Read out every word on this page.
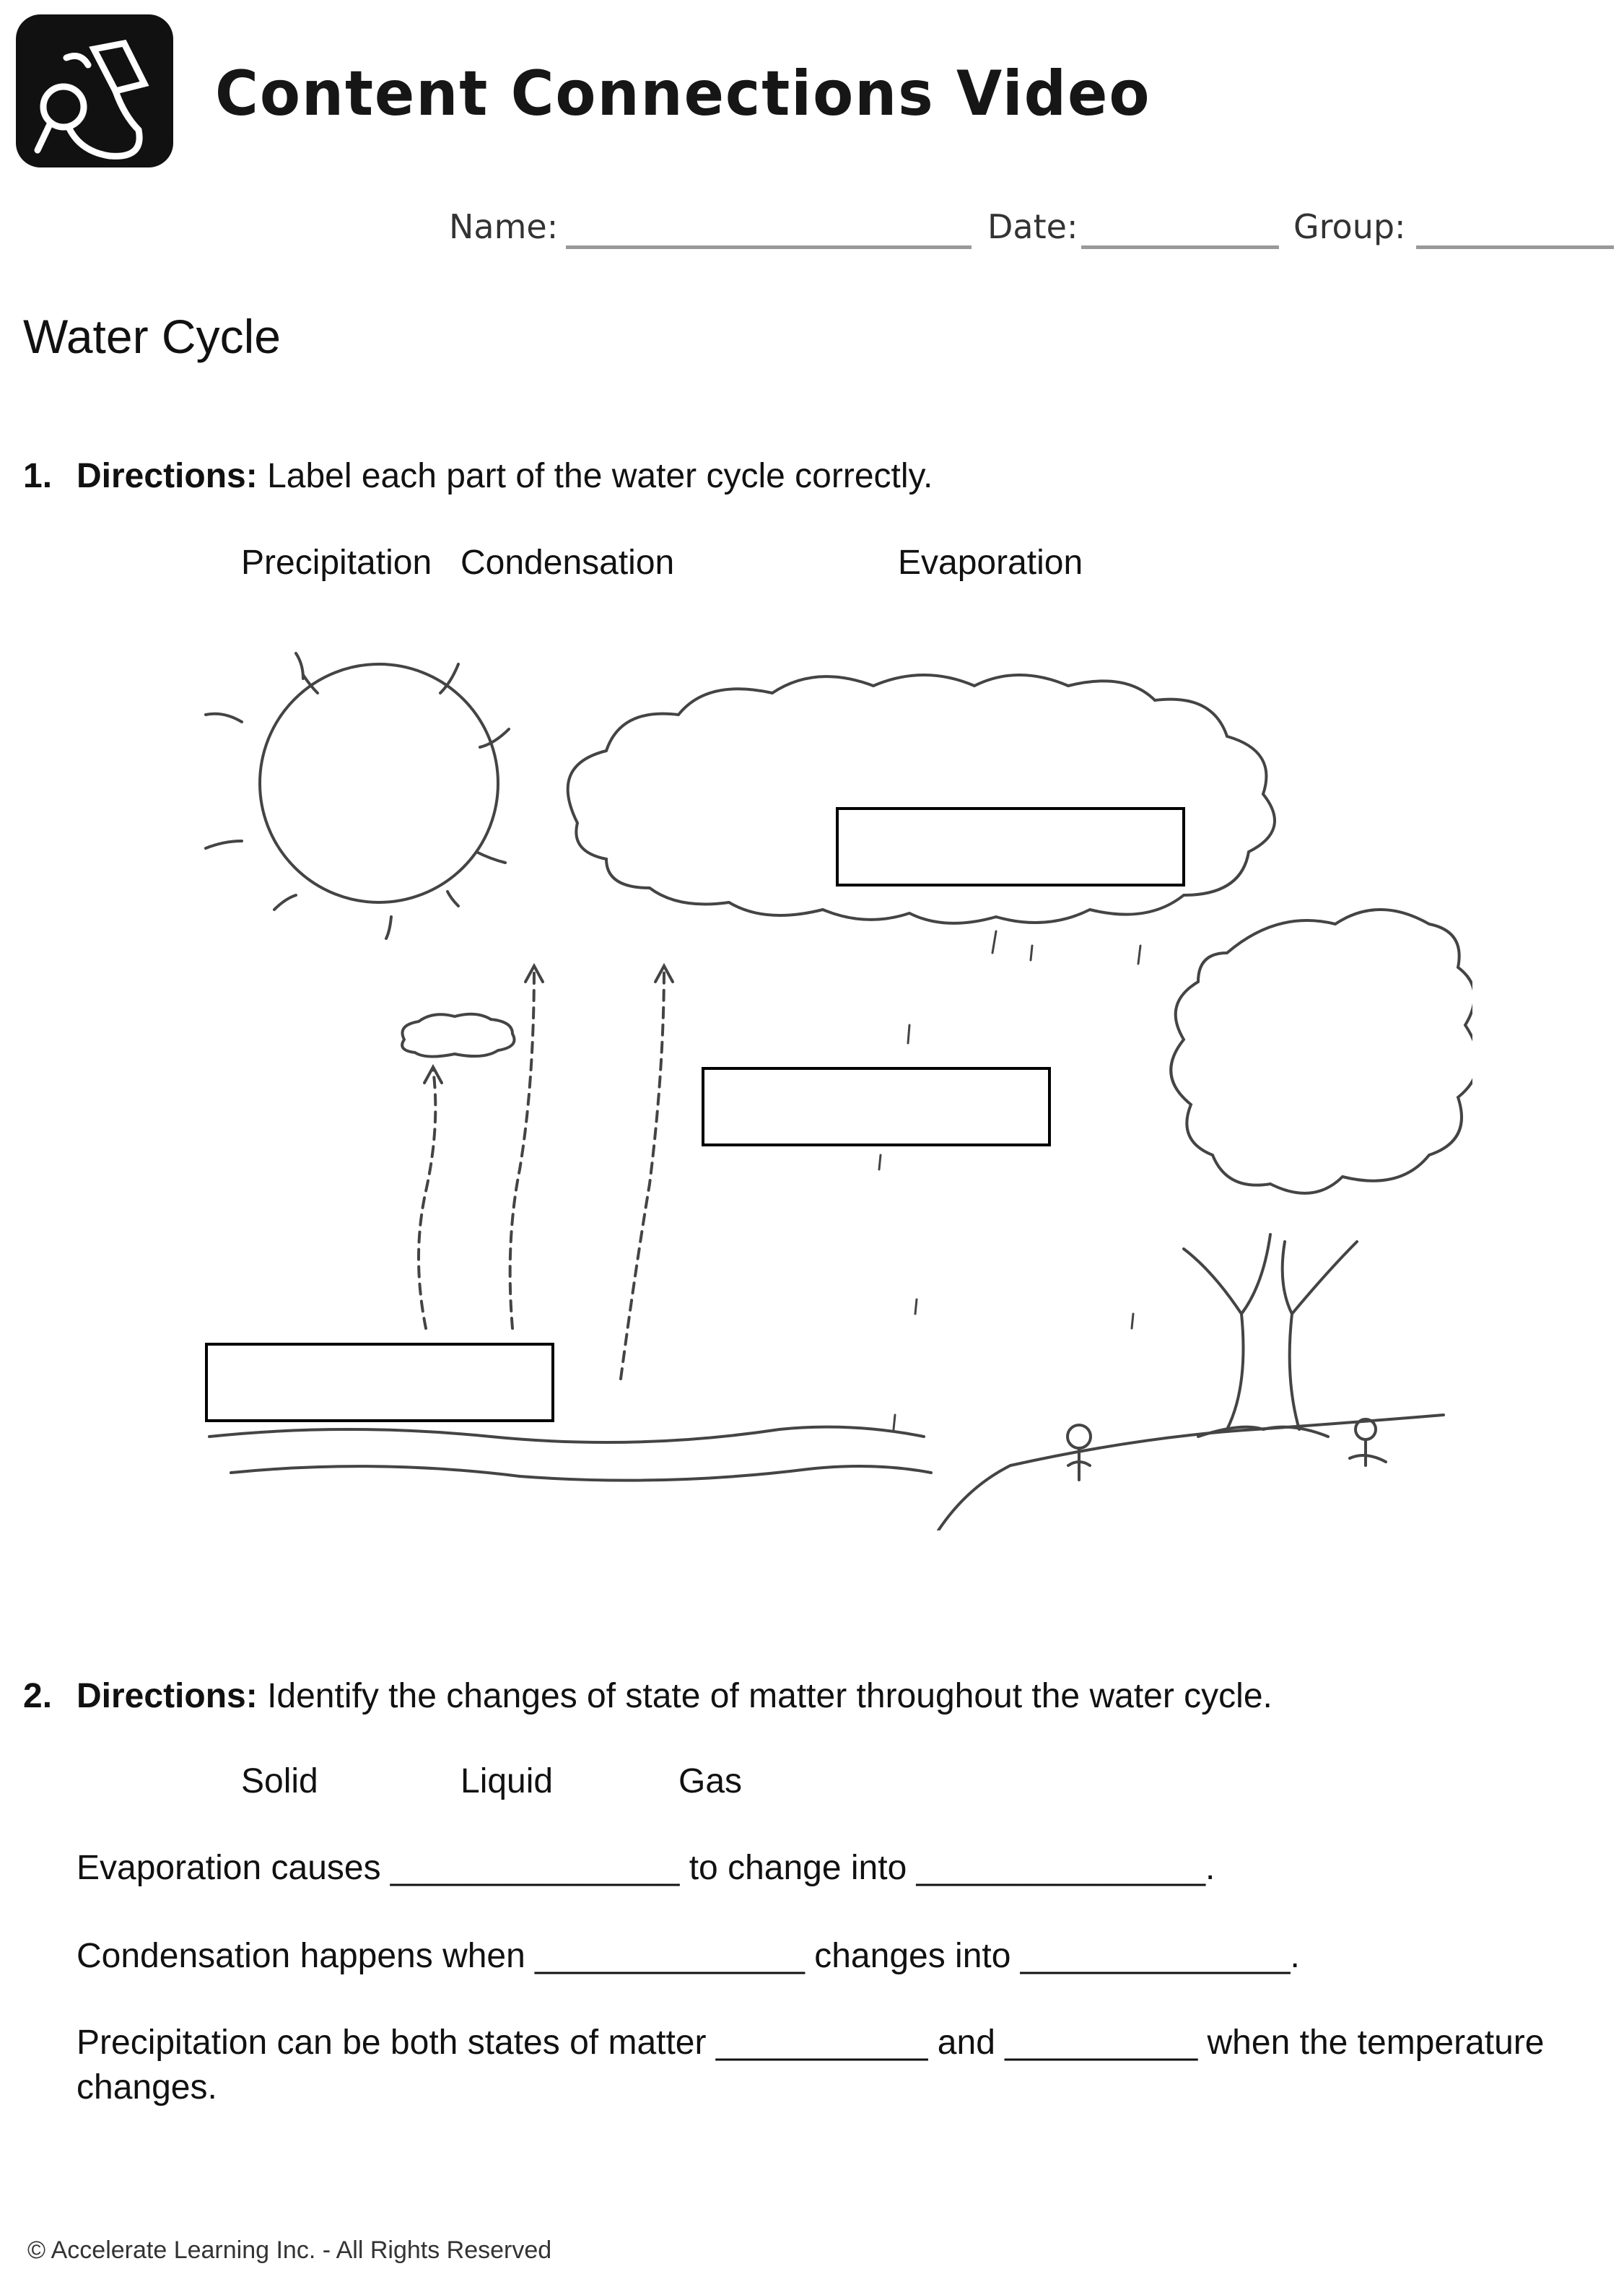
Content Connections Video
Name:	Date:	Group:
Water Cycle
1. Directions: Label each part of the water cycle correctly.
Precipitation Condensation	Evaporation
2. Directions: Identify the changes of state of matter throughout the water cycle.
Solid	Liquid	Gas
Evaporation causes _______________ to change into _______________.
Condensation happens when ______________ changes into ______________.
Precipitation can be both states of matter ___________ and __________ when the temperature
changes.
© Accelerate Learning Inc. - All Rights Reserved
